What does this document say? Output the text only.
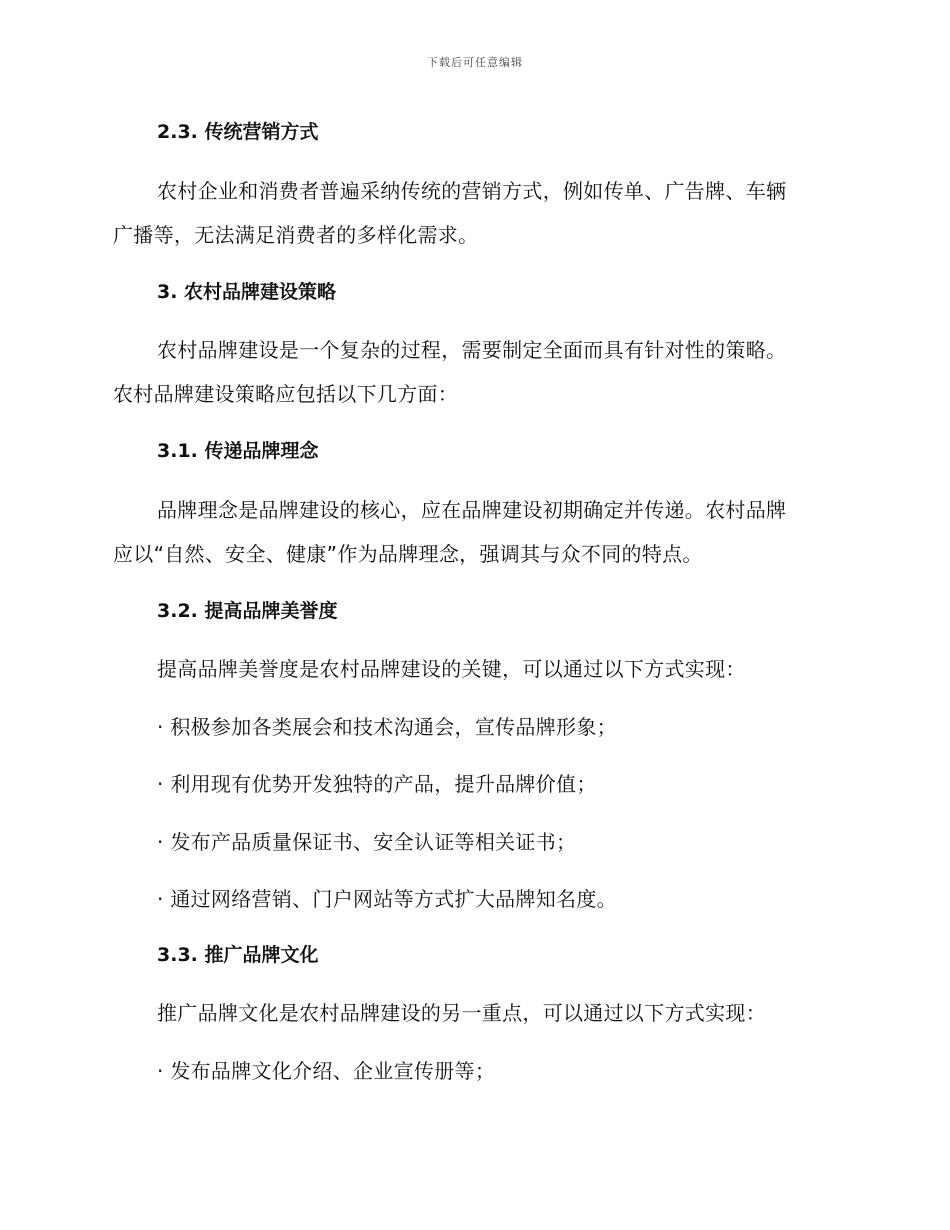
下载后可任意编辑
2.3. 传统营销方式
农村企业和消费者普遍采纳传统的营销方式，例如传单、广告牌、车辆
广播等，无法满足消费者的多样化需求。
3. 农村品牌建设策略
农村品牌建设是一个复杂的过程，需要制定全面而具有针对性的策略。
农村品牌建设策略应包括以下几方面：
3.1. 传递品牌理念
品牌理念是品牌建设的核心，应在品牌建设初期确定并传递。农村品牌
应以“自然、安全、健康”作为品牌理念，强调其与众不同的特点。
3.2. 提高品牌美誉度
提高品牌美誉度是农村品牌建设的关键，可以通过以下方式实现：
· 积极参加各类展会和技术沟通会，宣传品牌形象；
· 利用现有优势开发独特的产品，提升品牌价值；
· 发布产品质量保证书、安全认证等相关证书；
· 通过网络营销、门户网站等方式扩大品牌知名度。
3.3. 推广品牌文化
推广品牌文化是农村品牌建设的另一重点，可以通过以下方式实现：
· 发布品牌文化介绍、企业宣传册等；
